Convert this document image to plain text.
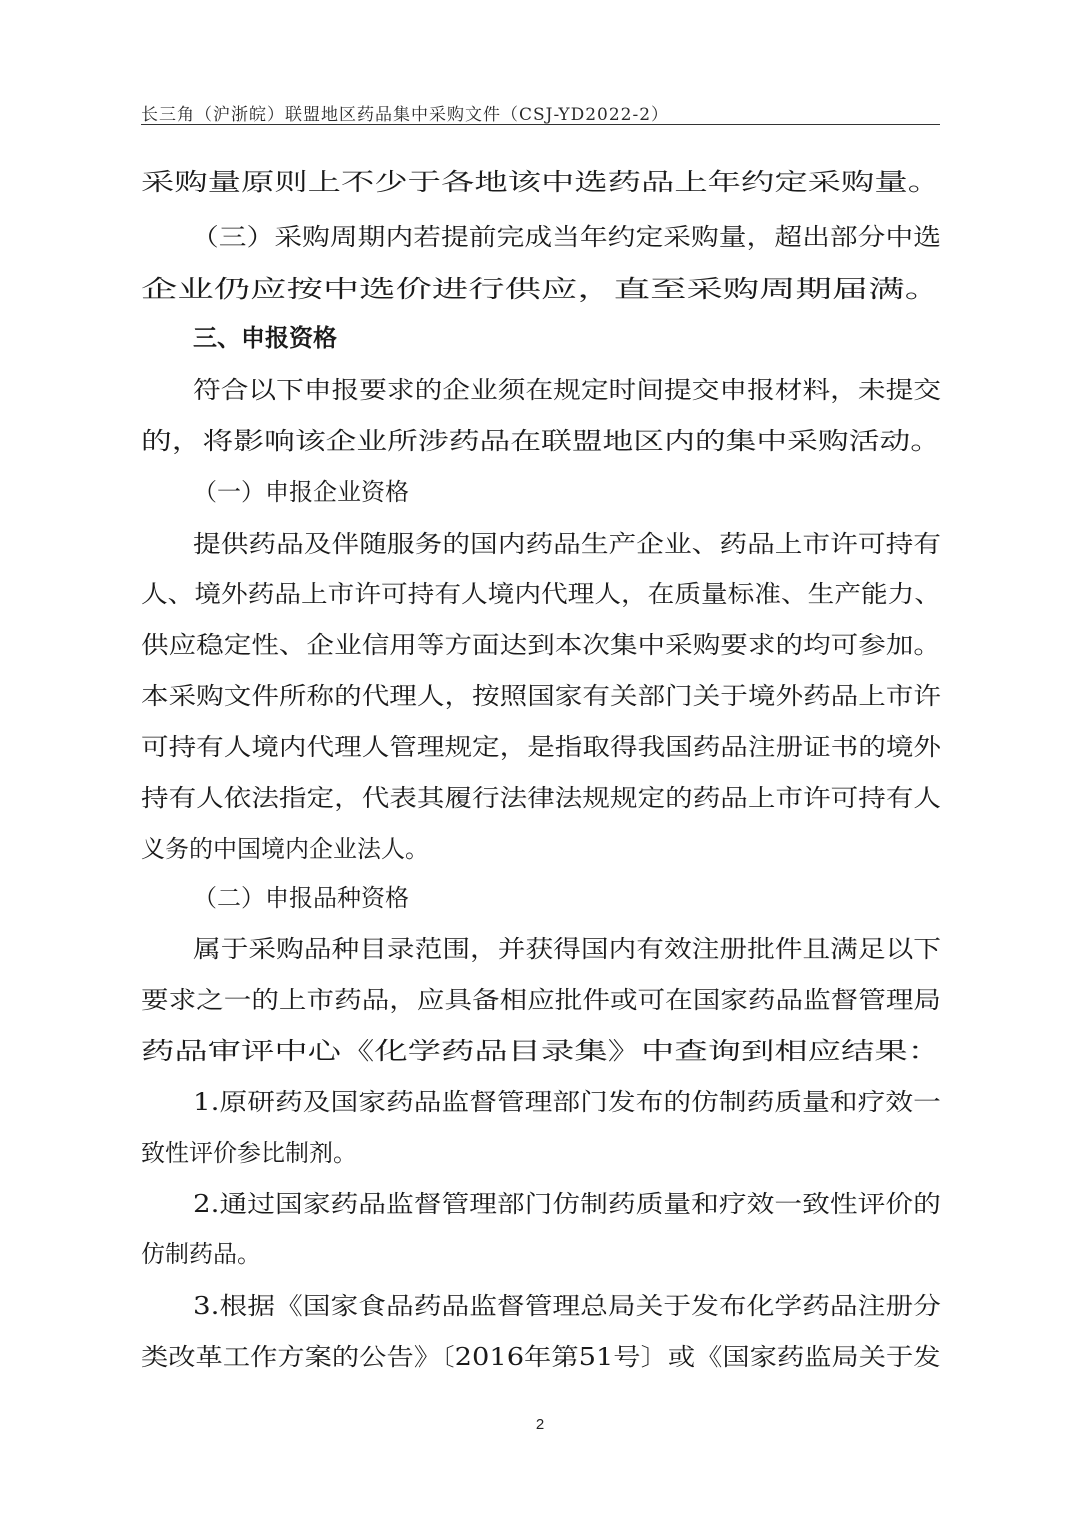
长三角（沪浙皖）联盟地区药品集中采购文件（CSJ-YD2022-2）
采购量原则上不少于各地该中选药品上年约定采购量。
（三）采购周期内若提前完成当年约定采购量，超出部分中选
企业仍应按中选价进行供应，直至采购周期届满。
三、申报资格
符合以下申报要求的企业须在规定时间提交申报材料，未提交
的，将影响该企业所涉药品在联盟地区内的集中采购活动。
（一）申报企业资格
提供药品及伴随服务的国内药品生产企业、药品上市许可持有
人、境外药品上市许可持有人境内代理人，在质量标准、生产能力、
供应稳定性、企业信用等方面达到本次集中采购要求的均可参加。
本采购文件所称的代理人，按照国家有关部门关于境外药品上市许
可持有人境内代理人管理规定，是指取得我国药品注册证书的境外
持有人依法指定，代表其履行法律法规规定的药品上市许可持有人
义务的中国境内企业法人。
（二）申报品种资格
属于采购品种目录范围，并获得国内有效注册批件且满足以下
要求之一的上市药品，应具备相应批件或可在国家药品监督管理局
药品审评中心《化学药品目录集》中查询到相应结果：
1.原研药及国家药品监督管理部门发布的仿制药质量和疗效一
致性评价参比制剂。
2.通过国家药品监督管理部门仿制药质量和疗效一致性评价的
仿制药品。
3.根据《国家食品药品监督管理总局关于发布化学药品注册分
类改革工作方案的公告》〔2016年第51号〕或《国家药监局关于发
2
